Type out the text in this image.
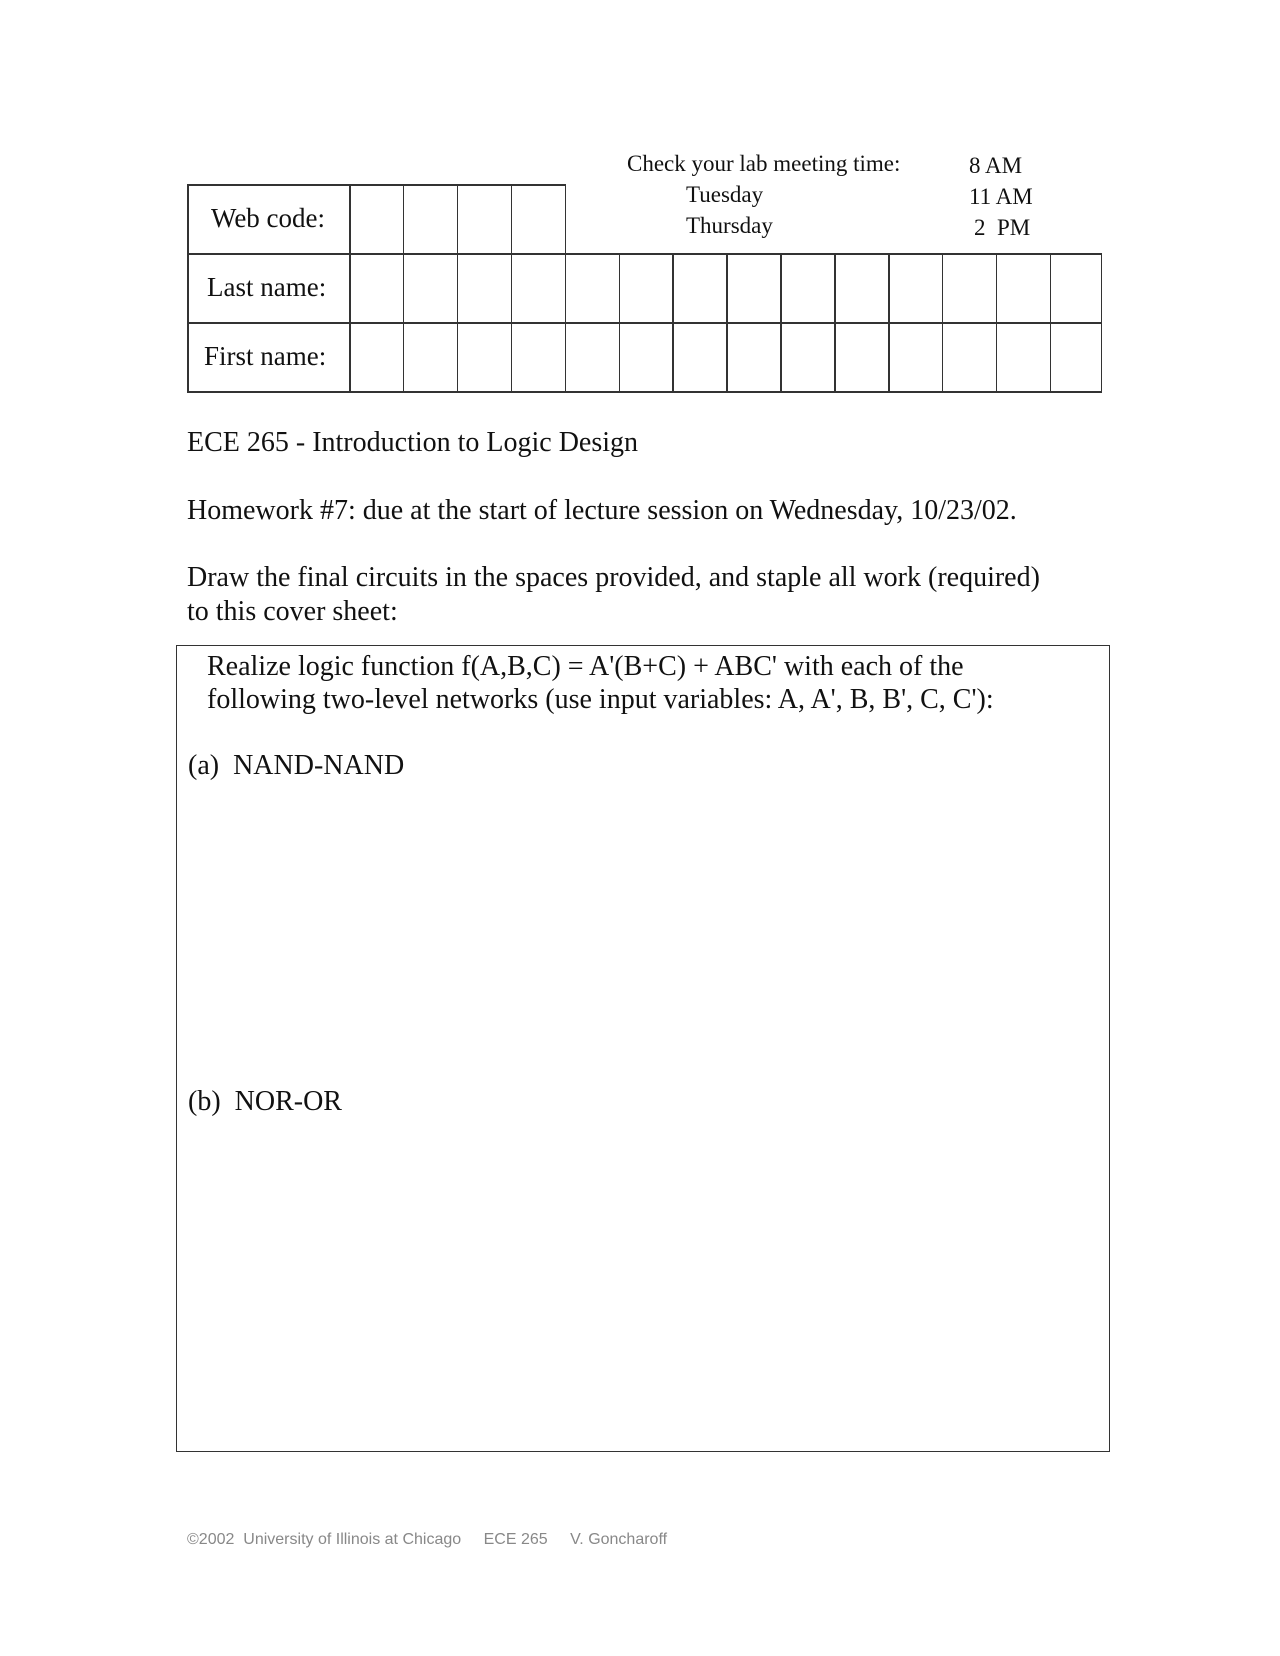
Check your lab meeting time:
Tuesday
Thursday
8 AM
11 AM
2  PM
Web code:
Last name:
First name:
ECE 265 - Introduction to Logic Design
Homework #7: due at the start of lecture session on Wednesday, 10/23/02.
Draw the final circuits in the spaces provided, and staple all work (required)
to this cover sheet:
Realize logic function f(A,B,C) = A'(B+C) + ABC' with each of the
following two-level networks (use input variables: A, A', B, B', C, C'):
(a)  NAND-NAND
(b)  NOR-OR
©2002  University of Illinois at Chicago ECE 265 V. Goncharoff
